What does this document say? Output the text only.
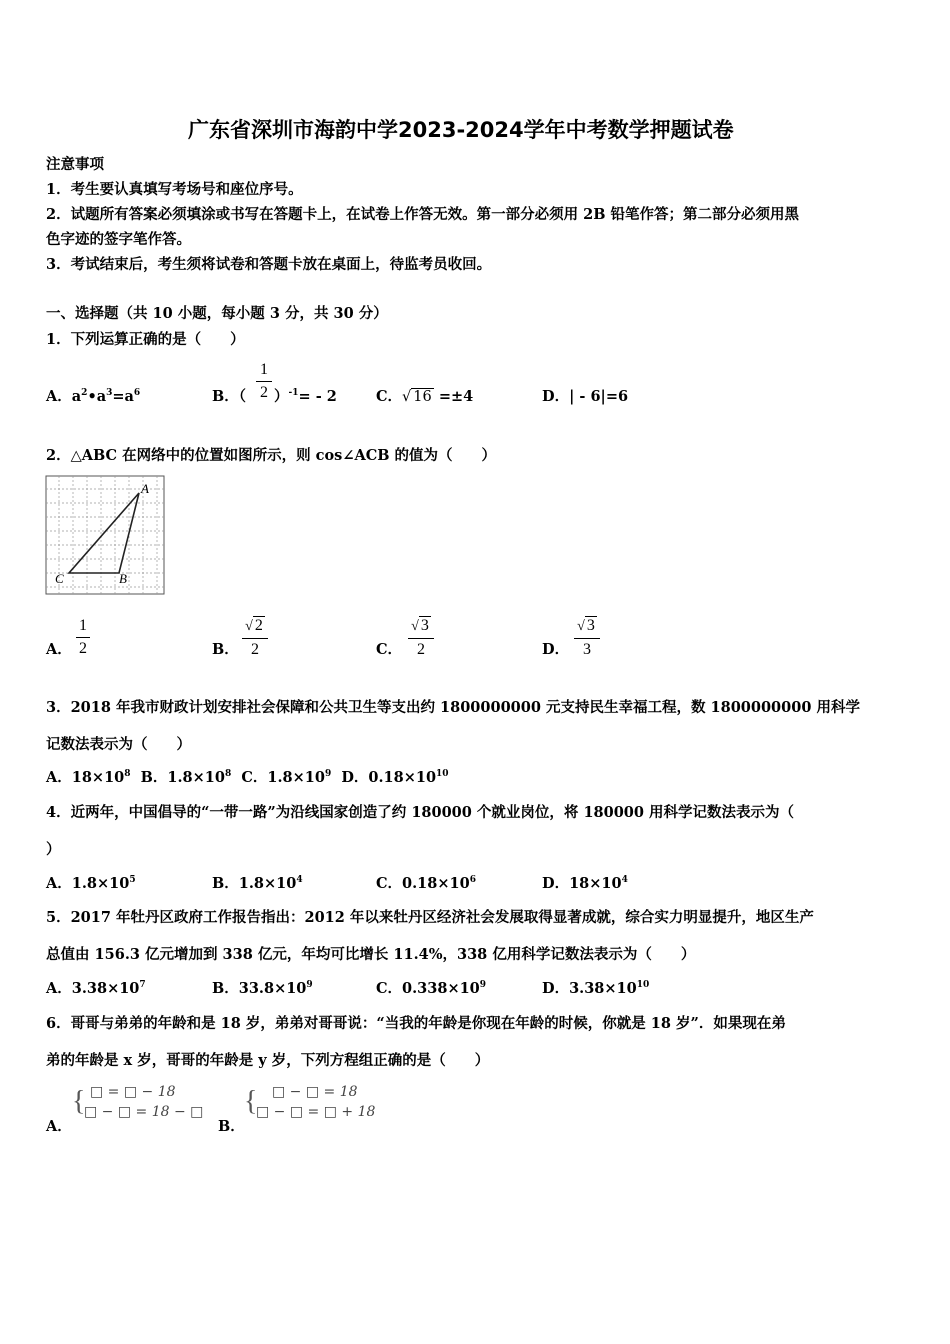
广东省深圳市海韵中学2023-2024学年中考数学押题试卷
注意事项
1．考生要认真填写考场号和座位序号。
2．试题所有答案必须填涂或书写在答题卡上，在试卷上作答无效。第一部分必须用 2B 铅笔作答；第二部分必须用黑
色字迹的签字笔作答。
3．考试结束后，考生须将试卷和答题卡放在桌面上，待监考员收回。
一、选择题（共 10 小题，每小题 3 分，共 30 分）
1．下列运算正确的是（　　）
A．$a^2•a^3=a^6$	B．（
1
2 ）$^{-1}$= - 2	C．√ 16 =±4	D．| - 6|=6
2．△ABC 在网络中的位置如图所示，则 cos∠ACB 的值为（　　）
A
C	B
A．
1
2	B．
√ 2
2	C．
√ 3
2	D．
√ 3
3
3．2018 年我市财政计划安排社会保障和公共卫生等支出约 1800000000 元支持民生幸福工程，数 1800000000 用科学
记数法表示为（　　）
A．$18\times 10^8$ B．$1.8\times 10^8$ C．$1.8\times 10^9$ D．$0.18\times 10^{10}$
4．近两年，中国倡导的“一带一路”为沿线国家创造了约 180000 个就业岗位，将 180000 用科学记数法表示为（
）
A．$1.8\times 10^5$	B．$1.8\times 10^4$	C．$0.18\times 10^6$	D．$18\times 10^4$
5．2017 年牡丹区政府工作报告指出：2012 年以来牡丹区经济社会发展取得显著成就，综合实力明显提升，地区生产
总值由 156.3 亿元增加到 338 亿元，年均可比增长 11.4%，338 亿用科学记数法表示为（　　）
A．$3.38\times 10^7$	B．$33.8\times 10^9$	C．$0.338\times 10^9$	D．$3.38\times 10^{10}$
6．哥哥与弟弟的年龄和是 18 岁，弟弟对哥哥说：“当我的年龄是你现在年龄的时候，你就是 18 岁”．如果现在弟
弟的年龄是 x 岁，哥哥的年龄是 y 岁，下列方程组正确的是（　　）
A．
{ □ = □ − 18
□ − □ = 18 − □
B．
{ □ − □ = 18
□ − □ = □ + 18
